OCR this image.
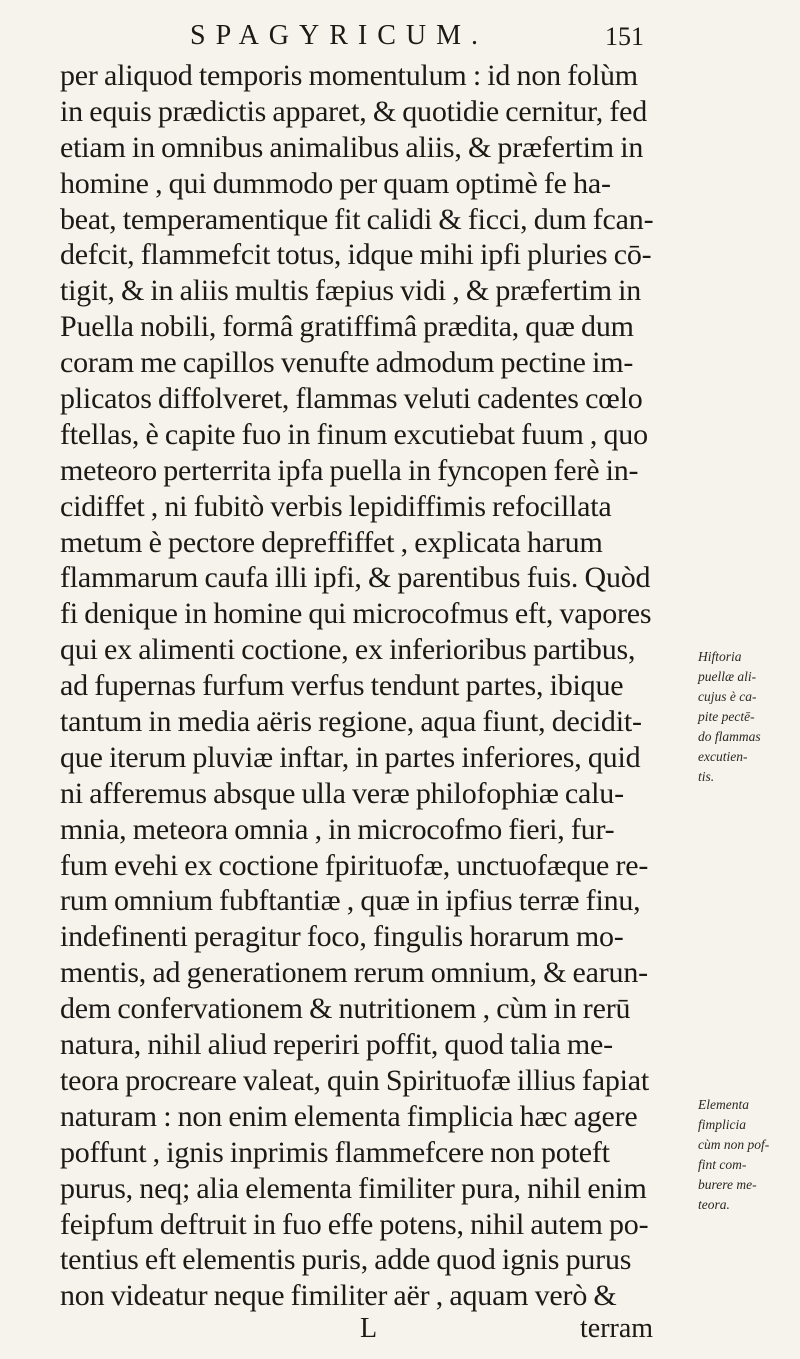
SPAGYRICUM.	151
per aliquod temporis momentulum : id non folùm
in equis prædictis apparet, & quotidie cernitur, fed
etiam in omnibus animalibus aliis, & præfertim in
homine , qui dummodo per quam optimè fe ha-
beat, temperamentique fit calidi & ficci, dum fcan-
defcit, flammefcit totus, idque mihi ipfi pluries cō-
tigit, & in aliis multis fæpius vidi , & præfertim in
Puella nobili, formâ gratiffimâ prædita, quæ dum
coram me capillos venufte admodum pectine im-
plicatos diffolveret, flammas veluti cadentes cœlo
ftellas, è capite fuo in finum excutiebat fuum , quo
meteoro perterrita ipfa puella in fyncopen ferè in-
cidiffet , ni fubitò verbis lepidiffimis refocillata
metum è pectore depreffiffet , explicata harum
flammarum caufa illi ipfi, & parentibus fuis. Quòd
fi denique in homine qui microcofmus eft, vapores
qui ex alimenti coctione, ex inferioribus partibus,
ad fupernas furfum verfus tendunt partes, ibique
tantum in media aëris regione, aqua fiunt, decidit-
que iterum pluviæ inftar, in partes inferiores, quid
ni afferemus absque ulla veræ philofophiæ calu-
mnia, meteora omnia , in microcofmo fieri, fur-
fum evehi ex coctione fpirituofæ, unctuofæque re-
rum omnium fubftantiæ , quæ in ipfius terræ finu,
indefinenti peragitur foco, fingulis horarum mo-
mentis, ad generationem rerum omnium, & earun-
dem confervationem & nutritionem , cùm in rerū
natura, nihil aliud reperiri poffit, quod talia me-
teora procreare valeat, quin Spirituofæ illius fapiat
naturam : non enim elementa fimplicia hæc agere
poffunt , ignis inprimis flammefcere non poteft
purus, neq; alia elementa fimiliter pura, nihil enim
feipfum deftruit in fuo effe potens, nihil autem po-
tentius eft elementis puris, adde quod ignis purus
non videatur neque fimiliter aër , aquam verò &
L	terram
Hiftoria
puellæ ali-
cujus è ca-
pite pectē-
do flammas
excutien-
tis.
Elementa
fimplicia
cùm non pof-
fint com-
burere me-
teora.
